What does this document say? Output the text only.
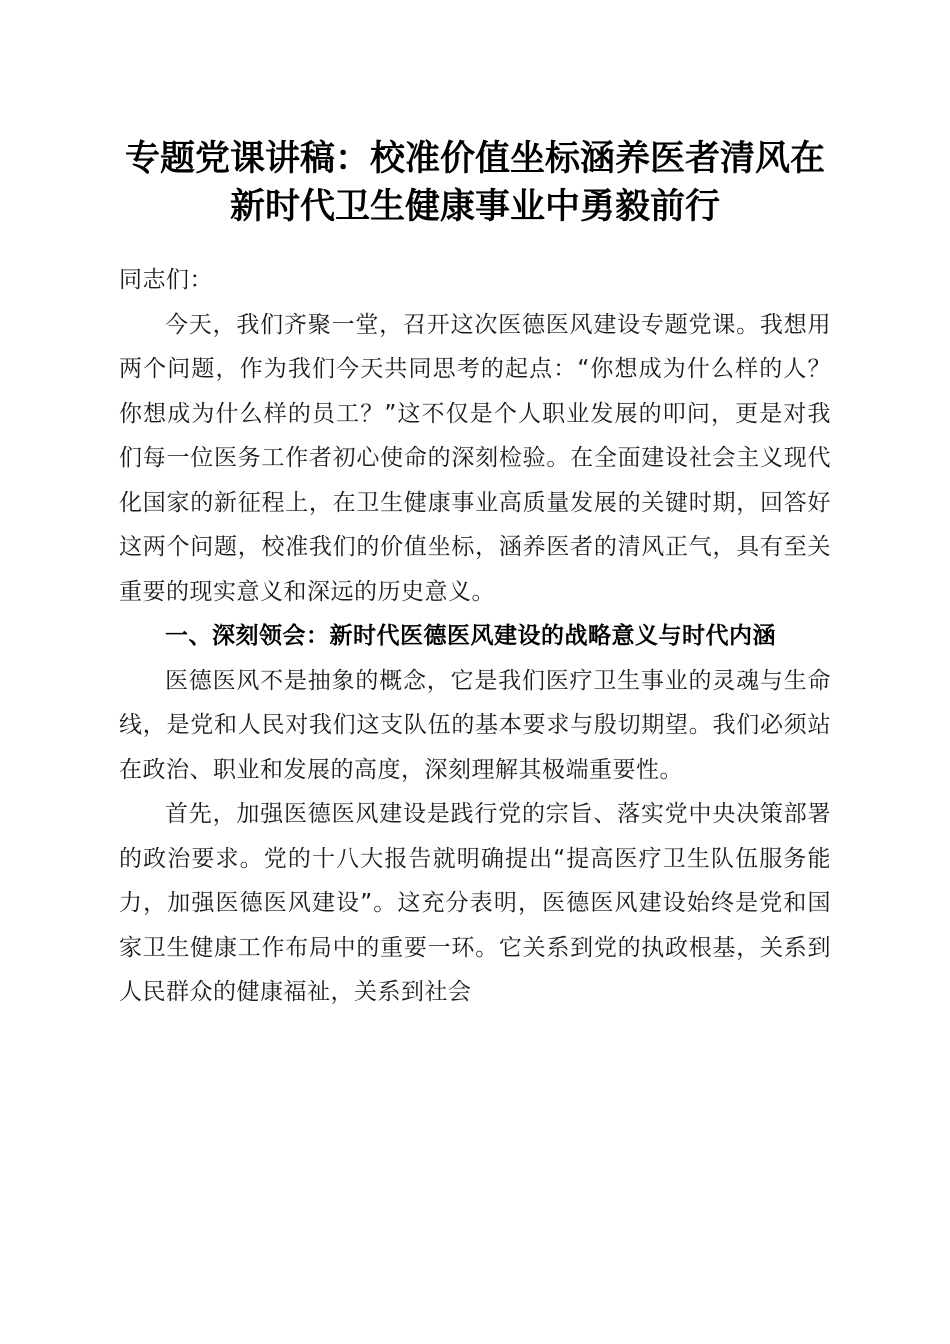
专题党课讲稿：校准价值坐标涵养医者清风在
新时代卫生健康事业中勇毅前行

同志们：

今天，我们齐聚一堂，召开这次医德医风建设专题党课。我想用两个问题，作为我们今天共同思考的起点：“你想成为什么样的人？你想成为什么样的员工？”这不仅是个人职业发展的叩问，更是对我们每一位医务工作者初心使命的深刻检验。在全面建设社会主义现代化国家的新征程上，在卫生健康事业高质量发展的关键时期，回答好这两个问题，校准我们的价值坐标，涵养医者的清风正气，具有至关重要的现实意义和深远的历史意义。

一、深刻领会：新时代医德医风建设的战略意义与时代内涵

医德医风不是抽象的概念，它是我们医疗卫生事业的灵魂与生命线，是党和人民对我们这支队伍的基本要求与殷切期望。我们必须站在政治、职业和发展的高度，深刻理解其极端重要性。

首先，加强医德医风建设是践行党的宗旨、落实党中央决策部署的政治要求。党的十八大报告就明确提出“提高医疗卫生队伍服务能力，加强医德医风建设”。这充分表明，医德医风建设始终是党和国家卫生健康工作布局中的重要一环。它关系到党的执政根基，关系到人民群众的健康福祉，关系到社会
